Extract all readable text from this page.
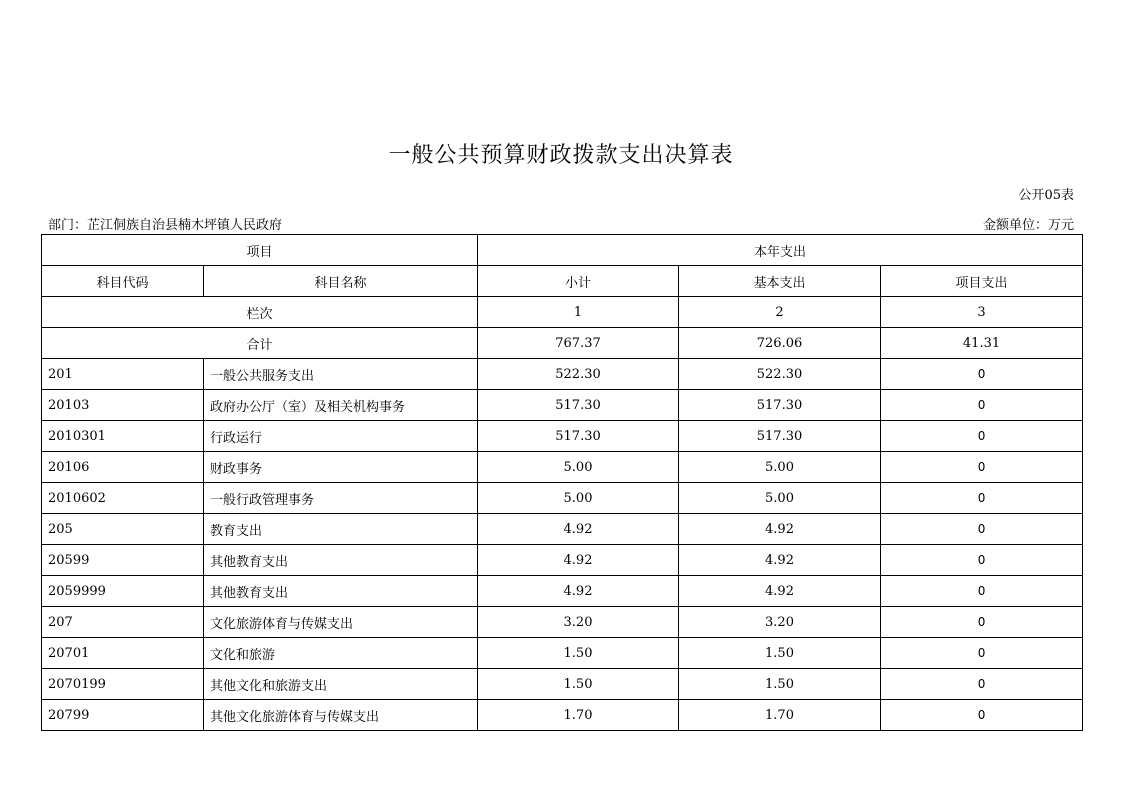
一般公共预算财政拨款支出决算表
公开05表
部门：芷江侗族自治县楠木坪镇人民政府	金额单位：万元
项目		本年支出		
科目代码	科目名称	小计	基本支出	项目支出
栏次		1	2	3
合计		767.37	726.06	41.31
201	一般公共服务支出	522.30	522.30	0
20103	政府办公厅（室）及相关机构事务	517.30	517.30	0
2010301	行政运行	517.30	517.30	0
20106	财政事务	5.00	5.00	0
2010602	一般行政管理事务	5.00	5.00	0
205	教育支出	4.92	4.92	0
20599	其他教育支出	4.92	4.92	0
2059999	其他教育支出	4.92	4.92	0
207	文化旅游体育与传媒支出	3.20	3.20	0
20701	文化和旅游	1.50	1.50	0
2070199	其他文化和旅游支出	1.50	1.50	0
20799	其他文化旅游体育与传媒支出	1.70	1.70	0
